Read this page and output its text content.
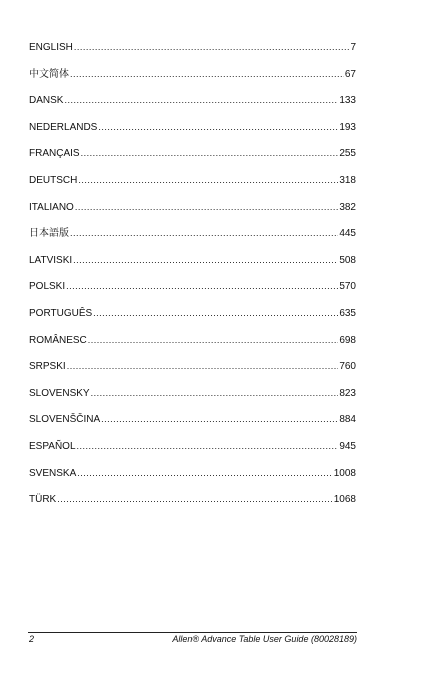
ENGLISH .....	7
中文简体 .....	67
DANSK .....	133
NEDERLANDS .....	193
FRANÇAIS .....	255
DEUTSCH .....	318
ITALIANO .....	382
日本語版 .....	445
LATVISKI .....	508
POLSKI .....	570
PORTUGUÊS .....	635
ROMÂNESC .....	698
SRPSKI .....	760
SLOVENSKY .....	823
SLOVENŠČINA .....	884
ESPAÑOL .....	945
SVENSKA .....	1008
TÜRK .....	1068
2	Allen® Advance Table User Guide (80028189)
